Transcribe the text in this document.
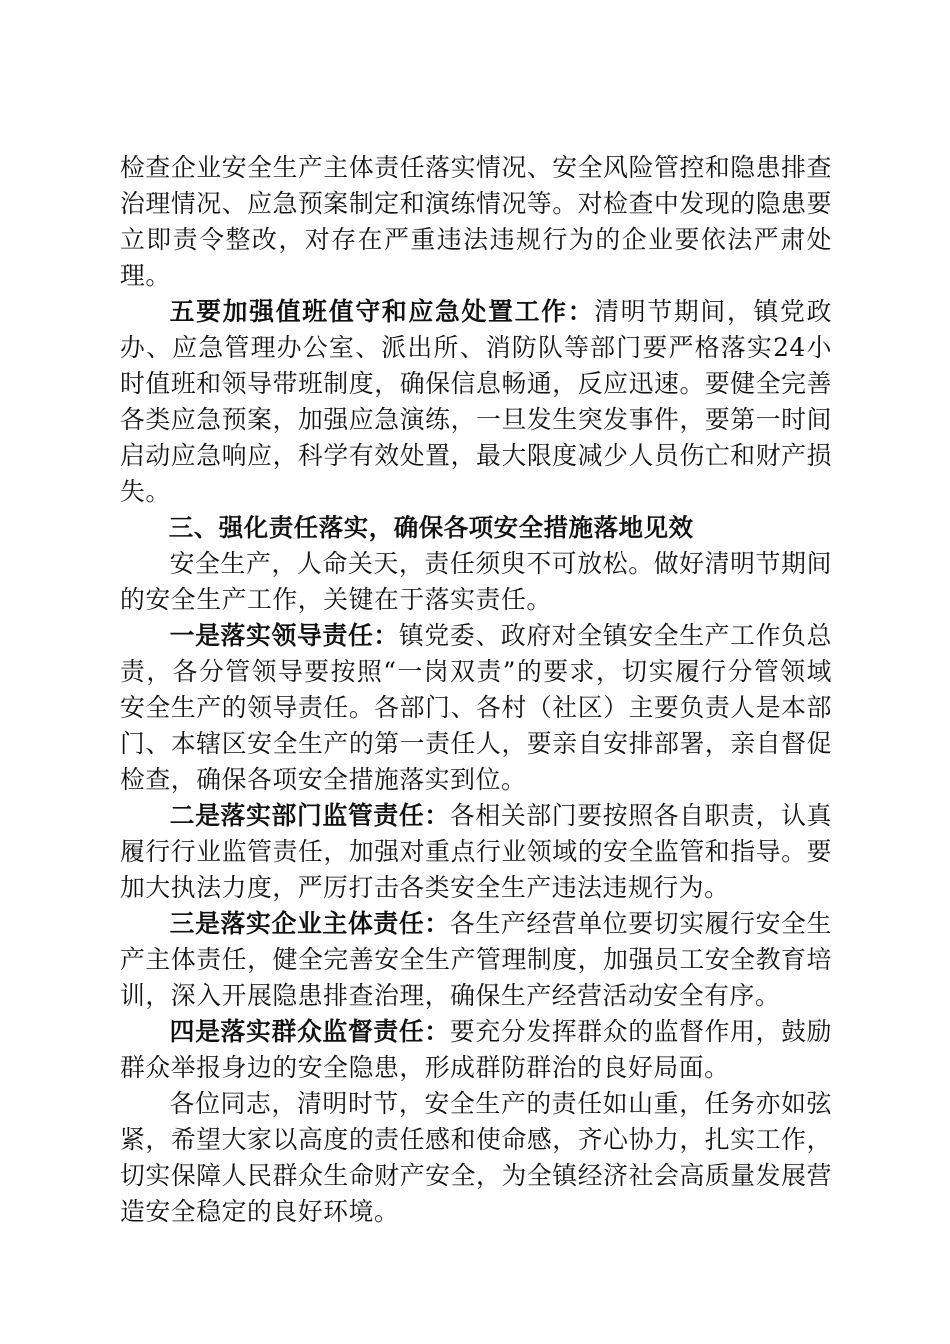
检查企业安全生产主体责任落实情况、安全风险管控和隐患排查治理情况、应急预案制定和演练情况等。对检查中发现的隐患要立即责令整改，对存在严重违法违规行为的企业要依法严肃处理。

五要加强值班值守和应急处置工作：清明节期间，镇党政办、应急管理办公室、派出所、消防队等部门要严格落实24小时值班和领导带班制度，确保信息畅通，反应迅速。要健全完善各类应急预案，加强应急演练，一旦发生突发事件，要第一时间启动应急响应，科学有效处置，最大限度减少人员伤亡和财产损失。

三、强化责任落实，确保各项安全措施落地见效

安全生产，人命关天，责任须臾不可放松。做好清明节期间的安全生产工作，关键在于落实责任。

一是落实领导责任：镇党委、政府对全镇安全生产工作负总责，各分管领导要按照“一岗双责”的要求，切实履行分管领域安全生产的领导责任。各部门、各村（社区）主要负责人是本部门、本辖区安全生产的第一责任人，要亲自安排部署，亲自督促检查，确保各项安全措施落实到位。

二是落实部门监管责任：各相关部门要按照各自职责，认真履行行业监管责任，加强对重点行业领域的安全监管和指导。要加大执法力度，严厉打击各类安全生产违法违规行为。

三是落实企业主体责任：各生产经营单位要切实履行安全生产主体责任，健全完善安全生产管理制度，加强员工安全教育培训，深入开展隐患排查治理，确保生产经营活动安全有序。

四是落实群众监督责任：要充分发挥群众的监督作用，鼓励群众举报身边的安全隐患，形成群防群治的良好局面。

各位同志，清明时节，安全生产的责任如山重，任务亦如弦紧，希望大家以高度的责任感和使命感，齐心协力，扎实工作，切实保障人民群众生命财产安全，为全镇经济社会高质量发展营造安全稳定的良好环境。
